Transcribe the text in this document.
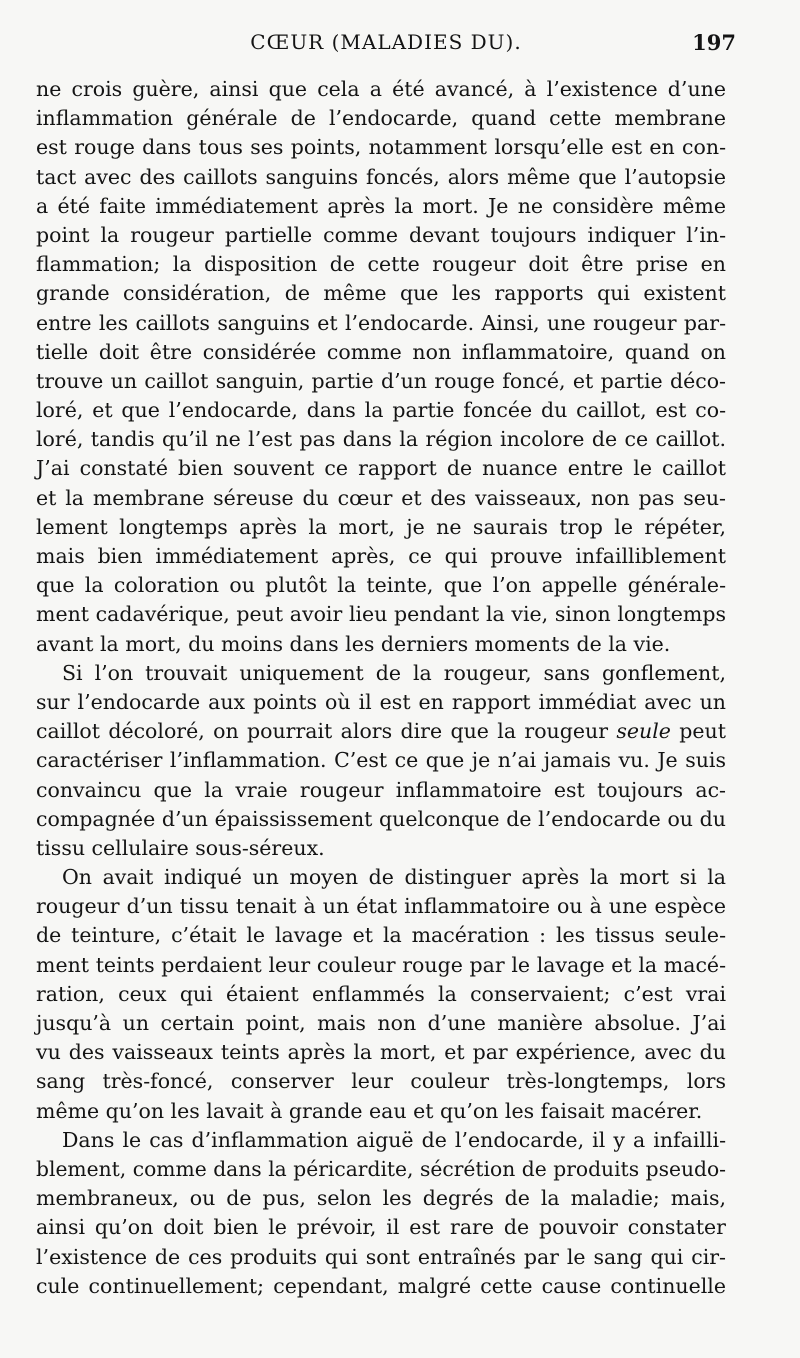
CŒUR (MALADIES DU).	197
ne crois guère, ainsi que cela a été avancé, à l’existence d’une
inflammation générale de l’endocarde, quand cette membrane
est rouge dans tous ses points, notamment lorsqu’elle est en con-
tact avec des caillots sanguins foncés, alors même que l’autopsie
a été faite immédiatement après la mort. Je ne considère même
point la rougeur partielle comme devant toujours indiquer l’in-
flammation; la disposition de cette rougeur doit être prise en
grande considération, de même que les rapports qui existent
entre les caillots sanguins et l’endocarde. Ainsi, une rougeur par-
tielle doit être considérée comme non inflammatoire, quand on
trouve un caillot sanguin, partie d’un rouge foncé, et partie déco-
loré, et que l’endocarde, dans la partie foncée du caillot, est co-
loré, tandis qu’il ne l’est pas dans la région incolore de ce caillot.
J’ai constaté bien souvent ce rapport de nuance entre le caillot
et la membrane séreuse du cœur et des vaisseaux, non pas seu-
lement longtemps après la mort, je ne saurais trop le répéter,
mais bien immédiatement après, ce qui prouve infailliblement
que la coloration ou plutôt la teinte, que l’on appelle générale-
ment cadavérique, peut avoir lieu pendant la vie, sinon longtemps
avant la mort, du moins dans les derniers moments de la vie.
Si l’on trouvait uniquement de la rougeur, sans gonflement,
sur l’endocarde aux points où il est en rapport immédiat avec un
caillot décoloré, on pourrait alors dire que la rougeur seule peut
caractériser l’inflammation. C’est ce que je n’ai jamais vu. Je suis
convaincu que la vraie rougeur inflammatoire est toujours ac-
compagnée d’un épaississement quelconque de l’endocarde ou du
tissu cellulaire sous-séreux.
On avait indiqué un moyen de distinguer après la mort si la
rougeur d’un tissu tenait à un état inflammatoire ou à une espèce
de teinture, c’était le lavage et la macération : les tissus seule-
ment teints perdaient leur couleur rouge par le lavage et la macé-
ration, ceux qui étaient enflammés la conservaient; c’est vrai
jusqu’à un certain point, mais non d’une manière absolue. J’ai
vu des vaisseaux teints après la mort, et par expérience, avec du
sang très-foncé, conserver leur couleur très-longtemps, lors
même qu’on les lavait à grande eau et qu’on les faisait macérer.
Dans le cas d’inflammation aiguë de l’endocarde, il y a infailli-
blement, comme dans la péricardite, sécrétion de produits pseudo-
membraneux, ou de pus, selon les degrés de la maladie; mais,
ainsi qu’on doit bien le prévoir, il est rare de pouvoir constater
l’existence de ces produits qui sont entraînés par le sang qui cir-
cule continuellement; cependant, malgré cette cause continuelle
